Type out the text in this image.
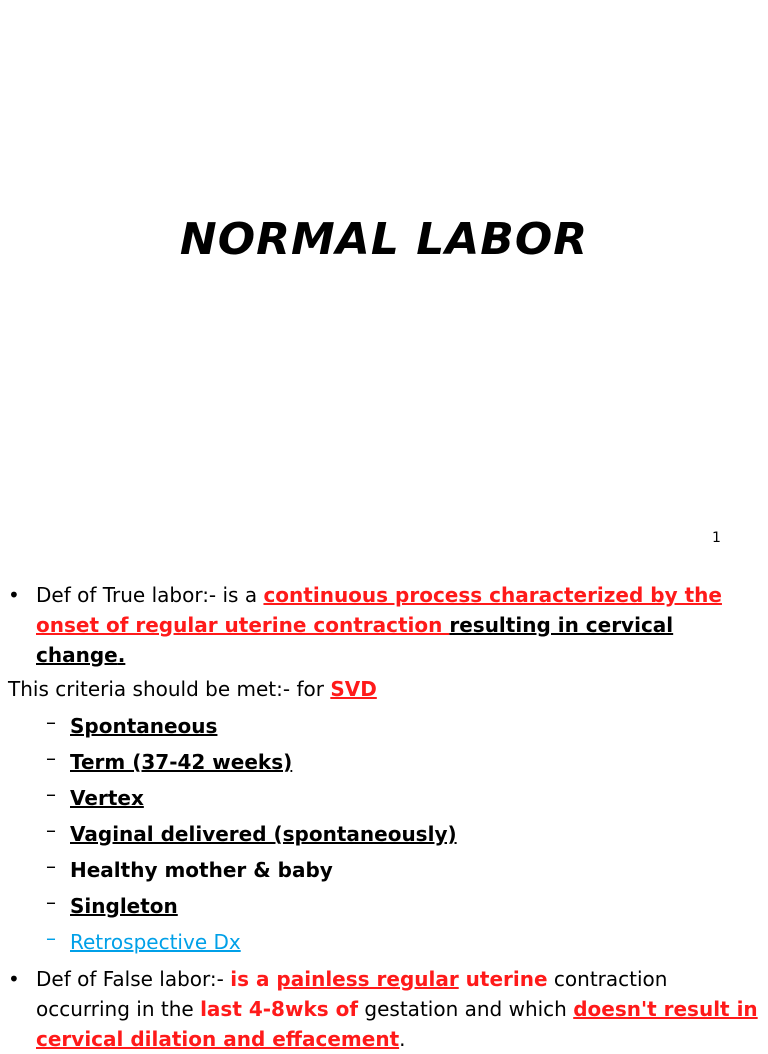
NORMAL LABOR
1
• Def of True labor:- is a continuous process characterized by the onset of regular uterine contraction resulting in cervical change.
This criteria should be met:- for SVD
– Spontaneous
– Term (37-42 weeks)
– Vertex
– Vaginal delivered (spontaneously)
– Healthy mother & baby
– Singleton
– Retrospective Dx
• Def of False labor:- is a painless regular uterine contraction occurring in the last 4-8wks of gestation and which doesn't result in cervical dilation and effacement.
